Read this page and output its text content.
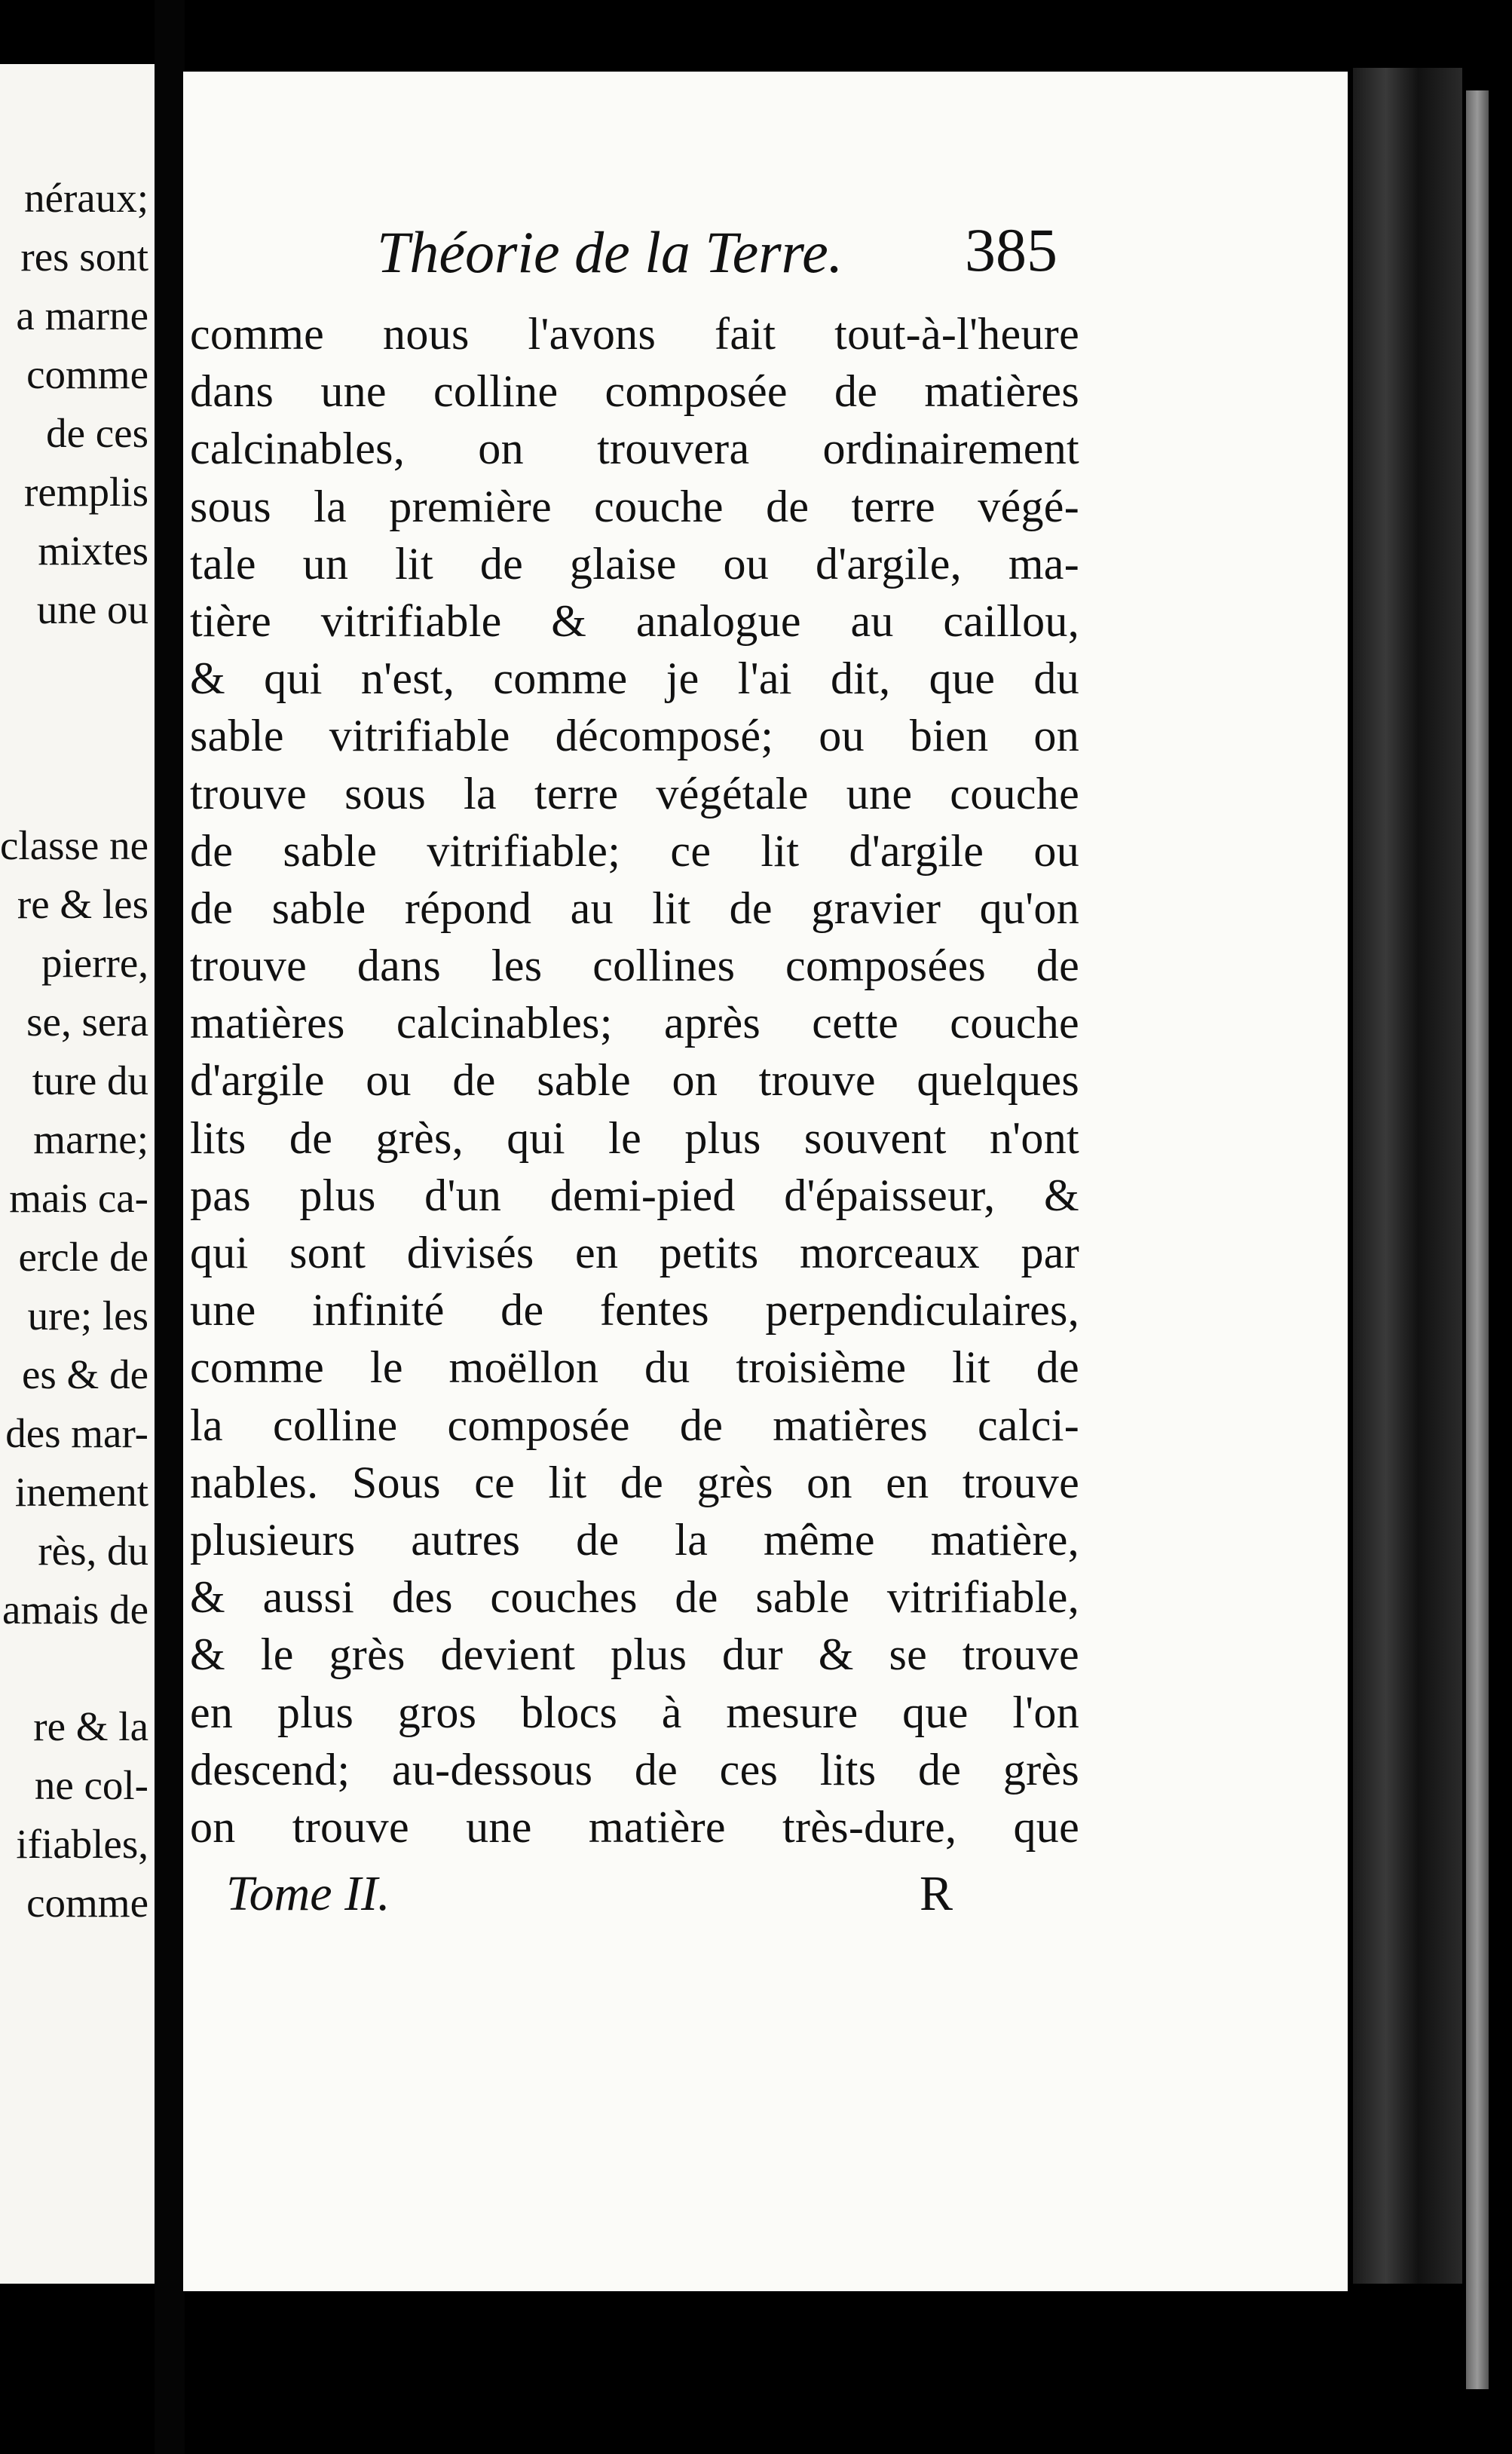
néraux;
res sont
a marne
comme
de ces
remplis
mixtes
une ou
classe ne
re & les
pierre,
se, sera
ture du
marne;
mais ca-
ercle de
ure; les
es & de
des mar-
inement
rès, du
amais de
re & la
ne col-
ifiables,
comme
Théorie de la Terre. 385
comme nous l'avons fait tout-à-l'heure
dans une colline composée de matières
calcinables, on trouvera ordinairement
sous la première couche de terre végé-
tale un lit de glaise ou d'argile, ma-
tière vitrifiable & analogue au caillou,
& qui n'est, comme je l'ai dit, que du
sable vitrifiable décomposé; ou bien on
trouve sous la terre végétale une couche
de sable vitrifiable; ce lit d'argile ou
de sable répond au lit de gravier qu'on
trouve dans les collines composées de
matières calcinables; après cette couche
d'argile ou de sable on trouve quelques
lits de grès, qui le plus souvent n'ont
pas plus d'un demi-pied d'épaisseur, &
qui sont divisés en petits morceaux par
une infinité de fentes perpendiculaires,
comme le moëllon du troisième lit de
la colline composée de matières calci-
nables. Sous ce lit de grès on en trouve
plusieurs autres de la même matière,
& aussi des couches de sable vitrifiable,
& le grès devient plus dur & se trouve
en plus gros blocs à mesure que l'on
descend; au-dessous de ces lits de grès
on trouve une matière très-dure, que
Tome II.	R
